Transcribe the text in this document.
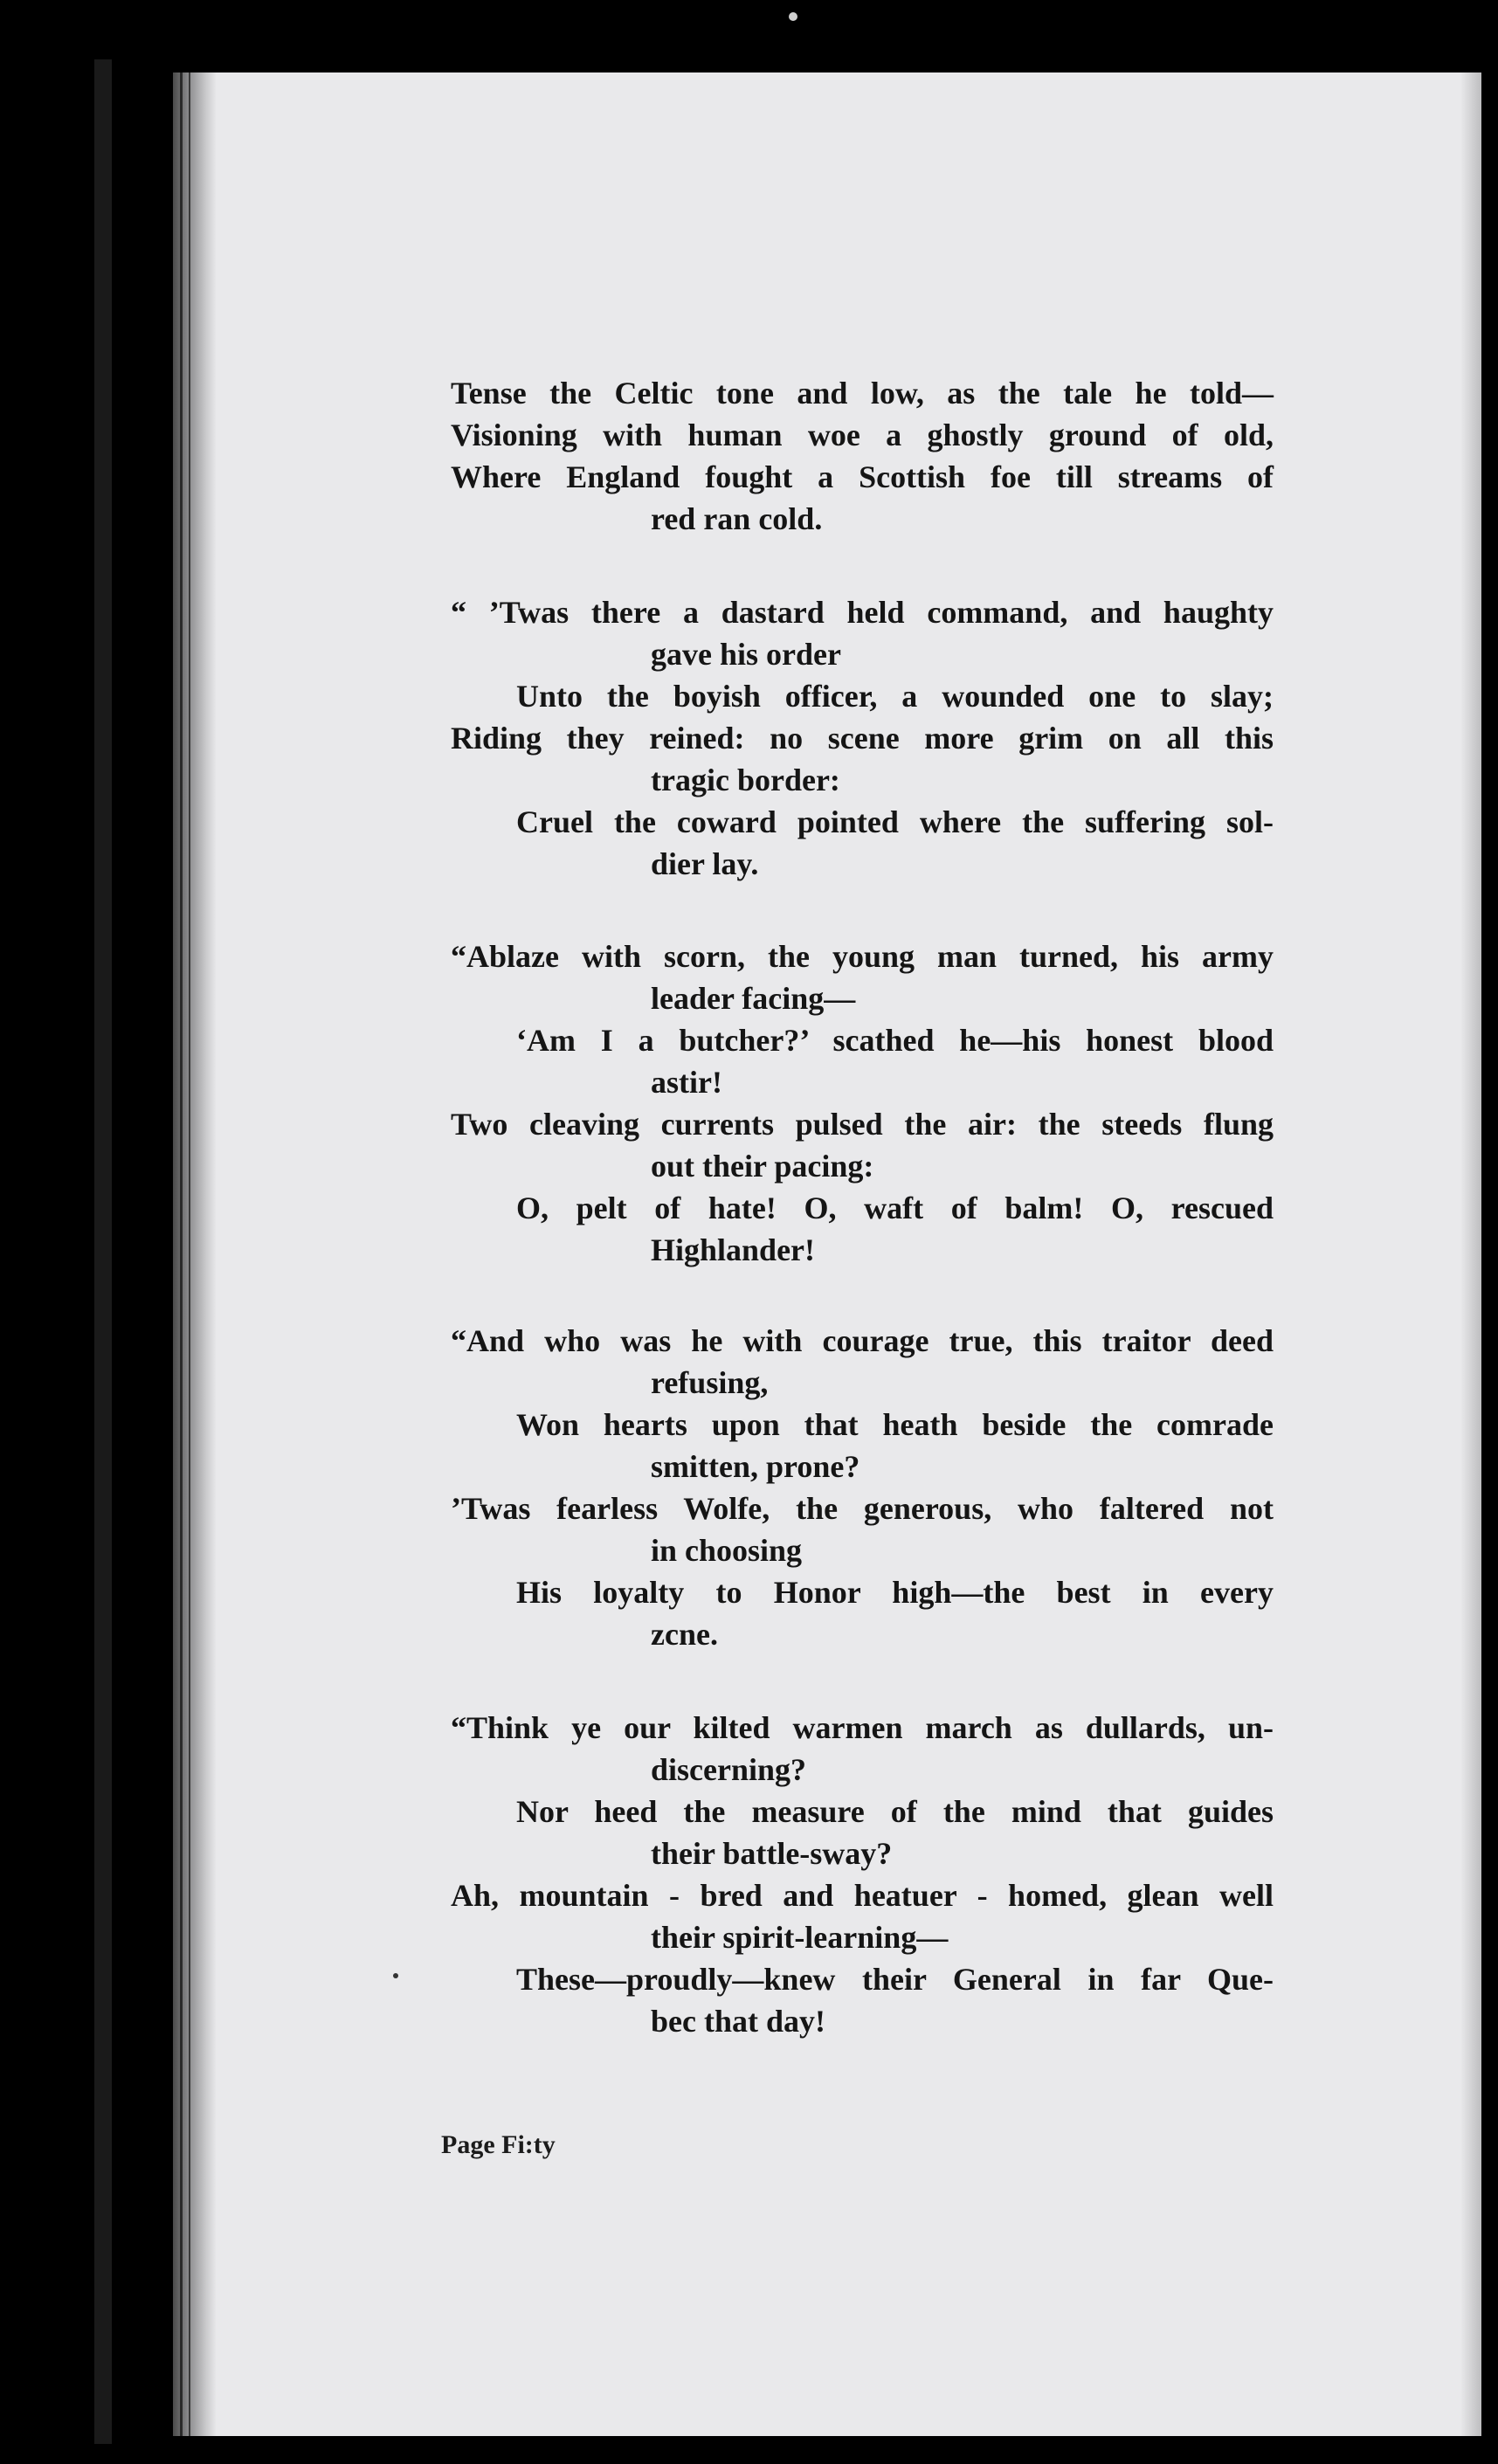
Tense the Celtic tone and low, as the tale he told—
Visioning with human woe a ghostly ground of old,
Where England fought a Scottish foe till streams of
red ran cold.
“ ’Twas there a dastard held command, and haughty
gave his order
Unto the boyish officer, a wounded one to slay;
Riding they reined: no scene more grim on all this
tragic border:
Cruel the coward pointed where the suffering sol-
dier lay.
“Ablaze with scorn, the young man turned, his army
leader facing—
‘Am I a butcher?’ scathed he—his honest blood
astir!
Two cleaving currents pulsed the air: the steeds flung
out their pacing:
O, pelt of hate! O, waft of balm! O, rescued
Highlander!
“And who was he with courage true, this traitor deed
refusing,
Won hearts upon that heath beside the comrade
smitten, prone?
’Twas fearless Wolfe, the generous, who faltered not
in choosing
His loyalty to Honor high—the best in every
zcne.
“Think ye our kilted warmen march as dullards, un-
discerning?
Nor heed the measure of the mind that guides
their battle-sway?
Ah, mountain - bred and heatuer - homed, glean well
their spirit-learning—
These—proudly—knew their General in far Que-
bec that day!
Page Fi:ty
